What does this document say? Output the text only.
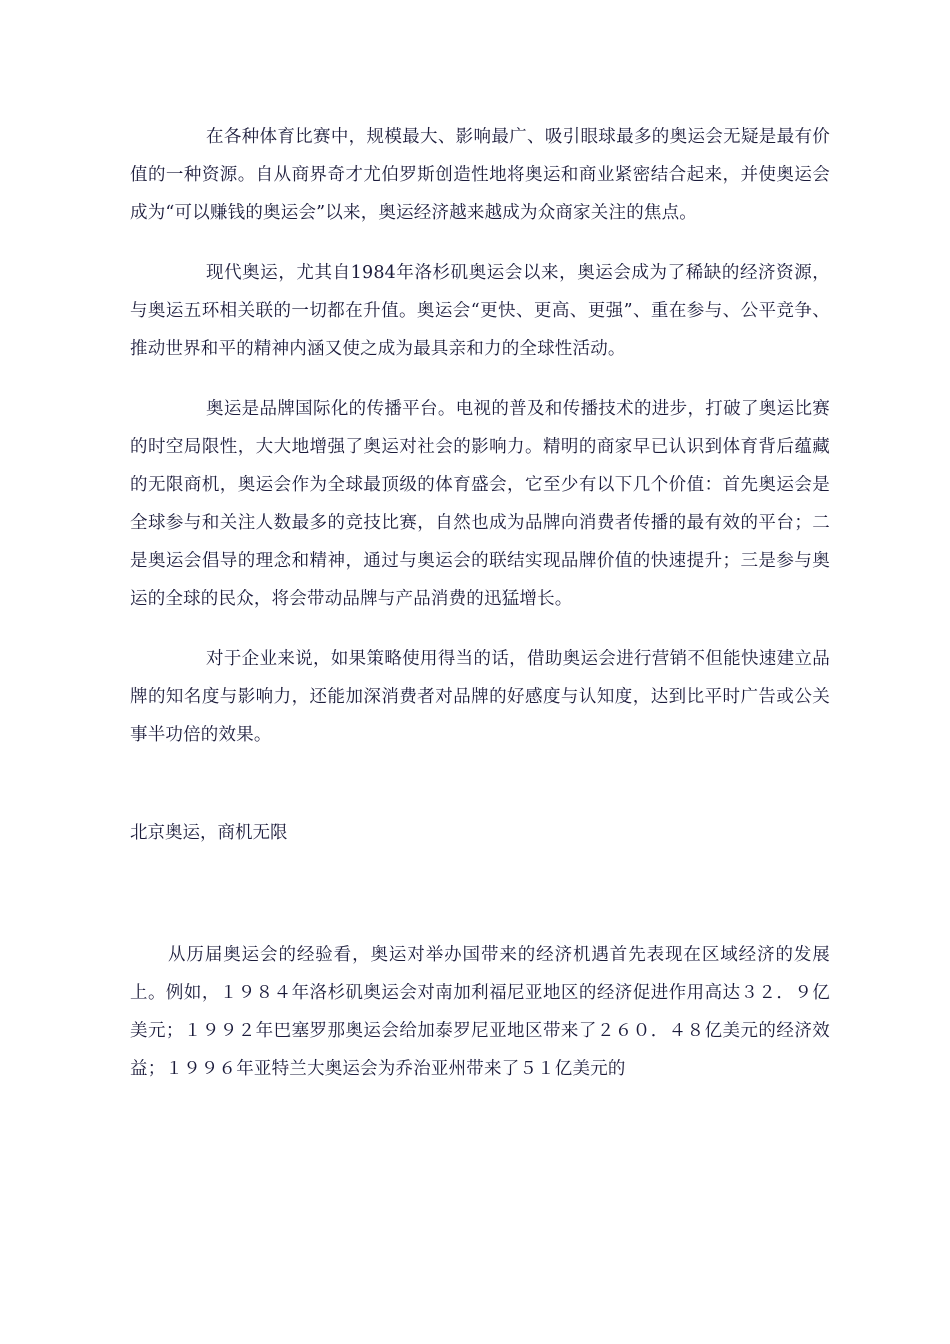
在各种体育比赛中，规模最大、影响最广、吸引眼球最多的奥运会无疑是最有价值的一种资源。自从商界奇才尤伯罗斯创造性地将奥运和商业紧密结合起来，并使奥运会成为“可以赚钱的奥运会”以来，奥运经济越来越成为众商家关注的焦点。

现代奥运，尤其自1984年洛杉矶奥运会以来，奥运会成为了稀缺的经济资源，与奥运五环相关联的一切都在升值。奥运会“更快、更高、更强”、重在参与、公平竞争、推动世界和平的精神内涵又使之成为最具亲和力的全球性活动。

奥运是品牌国际化的传播平台。电视的普及和传播技术的进步，打破了奥运比赛的时空局限性，大大地增强了奥运对社会的影响力。精明的商家早已认识到体育背后蕴藏的无限商机，奥运会作为全球最顶级的体育盛会，它至少有以下几个价值：首先奥运会是全球参与和关注人数最多的竞技比赛，自然也成为品牌向消费者传播的最有效的平台；二是奥运会倡导的理念和精神，通过与奥运会的联结实现品牌价值的快速提升；三是参与奥运的全球的民众，将会带动品牌与产品消费的迅猛增长。

对于企业来说，如果策略使用得当的话，借助奥运会进行营销不但能快速建立品牌的知名度与影响力，还能加深消费者对品牌的好感度与认知度，达到比平时广告或公关事半功倍的效果。

北京奥运，商机无限

从历届奥运会的经验看，奥运对举办国带来的经济机遇首先表现在区域经济的发展上。例如，１９８４年洛杉矶奥运会对南加利福尼亚地区的经济促进作用高达３２．９亿美元；１９９２年巴塞罗那奥运会给加泰罗尼亚地区带来了２６０．４８亿美元的经济效益；１９９６年亚特兰大奥运会为乔治亚州带来了５１亿美元的
